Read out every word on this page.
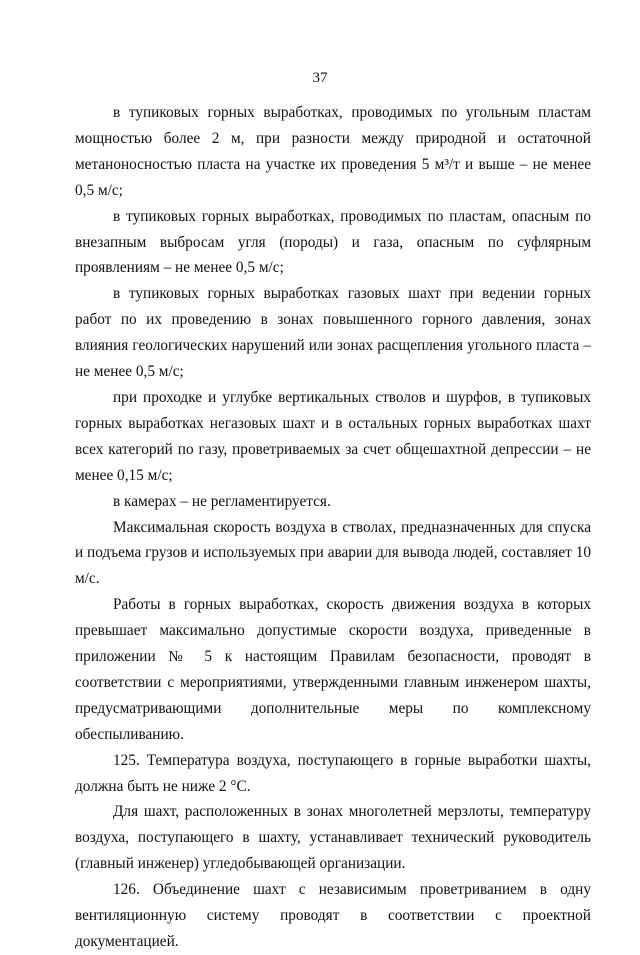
37

в тупиковых горных выработках, проводимых по угольным пластам мощностью более 2 м, при разности между природной и остаточной метаноносностью пласта на участке их проведения 5 м³/т и выше – не менее 0,5 м/с;

в тупиковых горных выработках, проводимых по пластам, опасным по внезапным выбросам угля (породы) и газа, опасным по суфлярным проявлениям – не менее 0,5 м/с;

в тупиковых горных выработках газовых шахт при ведении горных работ по их проведению в зонах повышенного горного давления, зонах влияния геологических нарушений или зонах расщепления угольного пласта – не менее 0,5 м/с;

при проходке и углубке вертикальных стволов и шурфов, в тупиковых горных выработках негазовых шахт и в остальных горных выработках шахт всех категорий по газу, проветриваемых за счет общешахтной депрессии – не менее 0,15 м/с;

в камерах – не регламентируется.

Максимальная скорость воздуха в стволах, предназначенных для спуска и подъема грузов и используемых при аварии для вывода людей, составляет 10 м/с.

Работы в горных выработках, скорость движения воздуха в которых превышает максимально допустимые скорости воздуха, приведенные в приложении № 5 к настоящим Правилам безопасности, проводят в соответствии с мероприятиями, утвержденными главным инженером шахты, предусматривающими дополнительные меры по комплексному обеспыливанию.

125. Температура воздуха, поступающего в горные выработки шахты, должна быть не ниже 2 °С.

Для шахт, расположенных в зонах многолетней мерзлоты, температуру воздуха, поступающего в шахту, устанавливает технический руководитель (главный инженер) угледобывающей организации.

126. Объединение шахт с независимым проветриванием в одну вентиляционную систему проводят в соответствии с проектной документацией.
